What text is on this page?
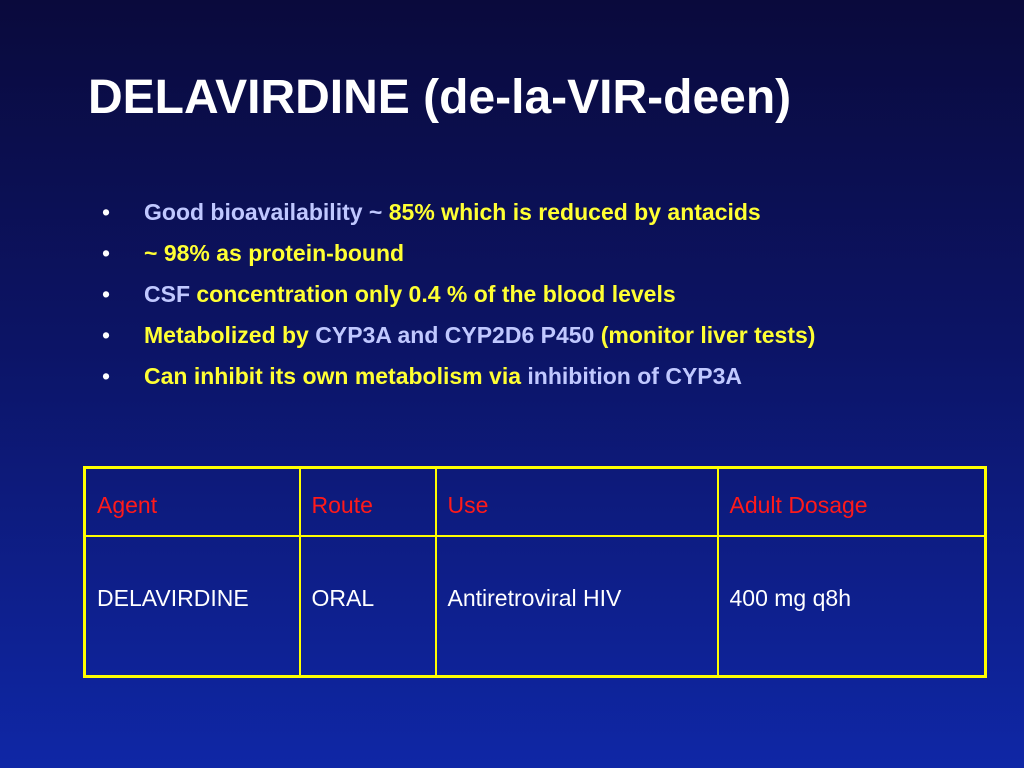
DELAVIRDINE (de-la-VIR-deen)
• Good bioavailability ~ 85% which is reduced by antacids
• ~ 98% as protein-bound
• CSF concentration only 0.4 % of the blood levels
• Metabolized by CYP3A and CYP2D6 P450 (monitor liver tests)
• Can inhibit its own metabolism via inhibition of CYP3A
Agent	Route	Use	Adult Dosage
DELAVIRDINE	ORAL	Antiretroviral HIV	400 mg q8h
